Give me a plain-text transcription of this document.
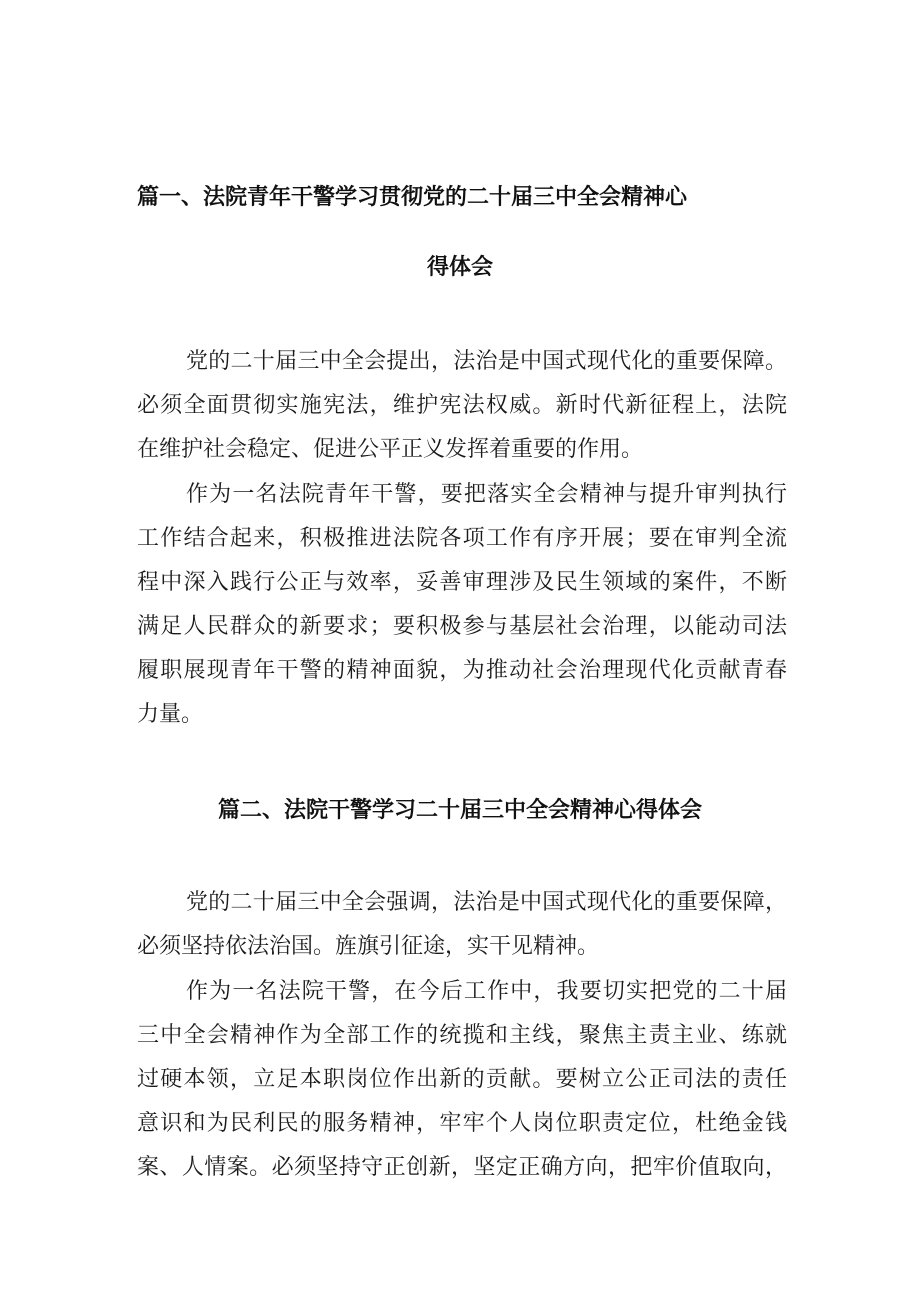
篇一、法院青年干警学习贯彻党的二十届三中全会精神心
得体会
党的二十届三中全会提出，法治是中国式现代化的重要保障。
必须全面贯彻实施宪法，维护宪法权威。新时代新征程上，法院
在维护社会稳定、促进公平正义发挥着重要的作用。
作为一名法院青年干警，要把落实全会精神与提升审判执行
工作结合起来，积极推进法院各项工作有序开展；要在审判全流
程中深入践行公正与效率，妥善审理涉及民生领域的案件，不断
满足人民群众的新要求；要积极参与基层社会治理，以能动司法
履职展现青年干警的精神面貌，为推动社会治理现代化贡献青春
力量。
篇二、法院干警学习二十届三中全会精神心得体会
党的二十届三中全会强调，法治是中国式现代化的重要保障，
必须坚持依法治国。旌旗引征途，实干见精神。
作为一名法院干警，在今后工作中，我要切实把党的二十届
三中全会精神作为全部工作的统揽和主线，聚焦主责主业、练就
过硬本领，立足本职岗位作出新的贡献。要树立公正司法的责任
意识和为民利民的服务精神，牢牢个人岗位职责定位，杜绝金钱
案、人情案。必须坚持守正创新，坚定正确方向，把牢价值取向，
